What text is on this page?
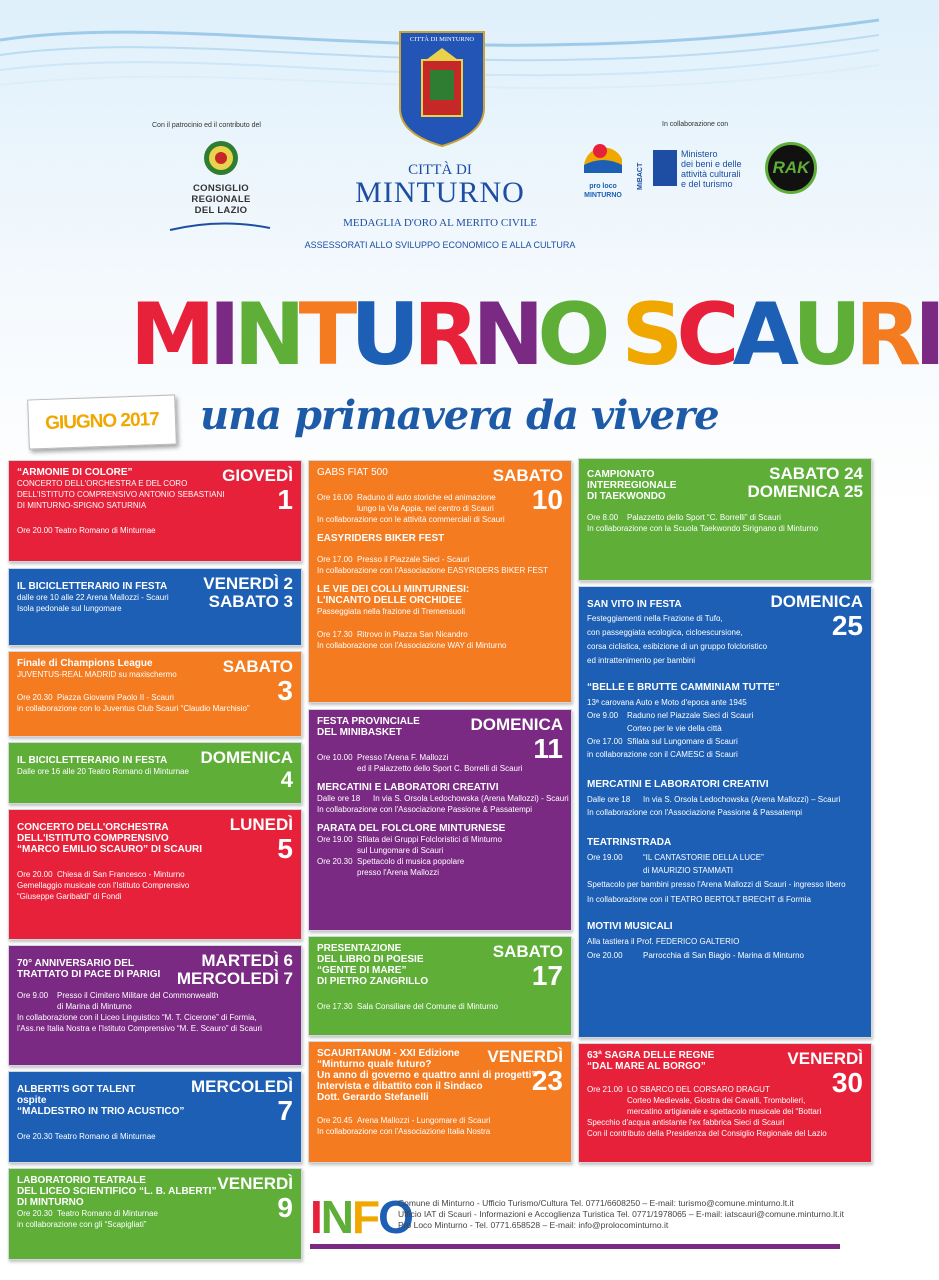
Con il patrocinio ed il contributo del
CONSIGLIO
REGIONALE
DEL LAZIO
CITTÀ DI MINTURNO
CITTÀ DI
MINTURNO
MEDAGLIA D'ORO AL MERITO CIVILE
ASSESSORATI ALLO SVILUPPO ECONOMICO E ALLA CULTURA
In collaborazione con
pro loco MINTURNO
MiBACT
Ministero
dei beni e delle
attività culturali
e del turismo
RAK
MINTURNO SCAURI
GIUGNO 2017	una primavera da vivere
GIOVEDÌ
1
“ARMONIE DI COLORE”
CONCERTO DELL'ORCHESTRA E DEL CORO
DELL'ISTITUTO COMPRENSIVO ANTONIO SEBASTIANI
DI MINTURNO-SPIGNO SATURNIA
Ore 20.00 Teatro Romano di Minturnae
VENERDÌ 2
SABATO 3
IL BICICLETTERARIO IN FESTA
dalle ore 10 alle 22 Arena Mallozzi - Scauri
Isola pedonale sul lungomare
SABATO
3
Finale di Champions League
JUVENTUS-REAL MADRID su maxischermo
Ore 20.30 Piazza Giovanni Paolo II - Scauri
in collaborazione con lo Juventus Club Scauri “Claudio Marchisio”
DOMENICA
4
IL BICICLETTERARIO IN FESTA
Dalle ore 16 alle 20 Teatro Romano di Minturnae
LUNEDÌ
5
CONCERTO DELL'ORCHESTRA
DELL'ISTITUTO COMPRENSIVO
“MARCO EMILIO SCAURO” DI SCAURI
Ore 20.00 Chiesa di San Francesco - Minturno
Gemellaggio musicale con l'Istituto Comprensivo
“Giuseppe Garibaldi” di Fondi
MARTEDÌ 6
MERCOLEDÌ 7
70° ANNIVERSARIO DEL
TRATTATO DI PACE DI PARIGI
Ore 9.00	Presso il Cimitero Militare del Commonwealth
di Marina di Minturno
In collaborazione con il Liceo Linguistico “M. T. Cicerone” di Formia,
l'Ass.ne Italia Nostra e l'Istituto Comprensivo “M. E. Scauro” di Scauri
MERCOLEDÌ
7
ALBERTI'S GOT TALENT
ospite
“MALDESTRO IN TRIO ACUSTICO”
Ore 20.30 Teatro Romano di Minturnae
VENERDÌ
9
LABORATORIO TEATRALE
DEL LICEO SCIENTIFICO “L. B. ALBERTI”
DI MINTURNO
Ore 20.30 Teatro Romano di Minturnae
in collaborazione con gli “Scapigliati”
SABATO
10
GABS FIAT 500
Ore 16.00 Raduno di auto storiche ed animazione
lungo la Via Appia, nel centro di Scauri
In collaborazione con le attività commerciali di Scauri
EASYRIDERS BIKER FEST
Ore 17.00 Presso il Piazzale Sieci - Scauri
In collaborazione con l'Associazione EASYRIDERS BIKER FEST
LE VIE DEI COLLI MINTURNESI:
L'INCANTO DELLE ORCHIDEE
Passeggiata nella frazione di Tremensuoli
Ore 17.30 Ritrovo in Piazza San Nicandro
In collaborazione con l'Associazione WAY di Minturno
DOMENICA
11
FESTA PROVINCIALE
DEL MINIBASKET
Ore 10.00 Presso l'Arena F. Mallozzi
ed il Palazzetto dello Sport C. Borrelli di Scauri
MERCATINI E LABORATORI CREATIVI
Dalle ore 18	In via S. Orsola Ledochowska (Arena Mallozzi) - Scauri
In collaborazione con l'Associazione Passione & Passatempi
PARATA DEL FOLCLORE MINTURNESE
Ore 19.00 Sfilata dei Gruppi Folcloristici di Minturno
sul Lungomare di Scauri
Ore 20.30 Spettacolo di musica popolare
presso l'Arena Mallozzi
SABATO
17
PRESENTAZIONE
DEL LIBRO DI POESIE
“GENTE DI MARE”
DI PIETRO ZANGRILLO
Ore 17.30 Sala Consiliare del Comune di Minturno
VENERDÌ
23
SCAURITANUM - XXI Edizione
“Minturno quale futuro?
Un anno di governo e quattro anni di progetti”
Intervista e dibattito con il Sindaco
Dott. Gerardo Stefanelli
Ore 20.45 Arena Mallozzi - Lungomare di Scauri
In collaborazione con l'Associazione Italia Nostra
SABATO 24
DOMENICA 25
CAMPIONATO
INTERREGIONALE
DI TAEKWONDO
Ore 8.00	Palazzetto dello Sport “C. Borrelli” di Scauri
In collaborazione con la Scuola Taekwondo Sirignano di Minturno
DOMENICA
25
SAN VITO IN FESTA
Festeggiamenti nella Frazione di Tufo,
con passeggiata ecologica, cicloescursione,
corsa ciclistica, esibizione di un gruppo folcloristico
ed intrattenimento per bambini
“BELLE E BRUTTE CAMMINIAM TUTTE”
13ª carovana Auto e Moto d'epoca ante 1945
Ore 9.00	Raduno nel Piazzale Sieci di Scauri
Corteo per le vie della città
Ore 17.00 Sfilata sul Lungomare di Scauri
in collaborazione con il CAMESC di Scauri
MERCATINI E LABORATORI CREATIVI
Dalle ore 18	In via S. Orsola Ledochowska (Arena Mallozzi) – Scauri
In collaborazione con l'Associazione Passione & Passatempi
TEATRINSTRADA
Ore 19.00	“IL CANTASTORIE DELLA LUCE”
di MAURIZIO STAMMATI
Spettacolo per bambini presso l'Arena Mallozzi di Scauri - ingresso libero
In collaborazione con il TEATRO BERTOLT BRECHT di Formia
MOTIVI MUSICALI
Alla tastiera il Prof. FEDERICO GALTERIO
Ore 20.00	Parrocchia di San Biagio - Marina di Minturno
VENERDÌ
30
63ª SAGRA DELLE REGNE
“DAL MARE AL BORGO”
Ore 21.00 LO SBARCO DEL CORSARO DRAGUT
Corteo Medievale, Giostra dei Cavalli, Trombolieri,
mercatino artigianale e spettacolo musicale dei “Bottari
Specchio d'acqua antistante l'ex fabbrica Sieci di Scauri
Con il contributo della Presidenza del Consiglio Regionale del Lazio
INFO
Comune di Minturno - Ufficio Turismo/Cultura Tel. 0771/6608250 – E-mail: turismo@comune.minturno.lt.it
Ufficio IAT di Scauri - Informazioni e Accoglienza Turistica Tel. 0771/1978065 – E-mail: iatscauri@comune.minturno.lt.it
Pro Loco Minturno - Tel. 0771.658528 – E-mail: info@prolocominturno.it
